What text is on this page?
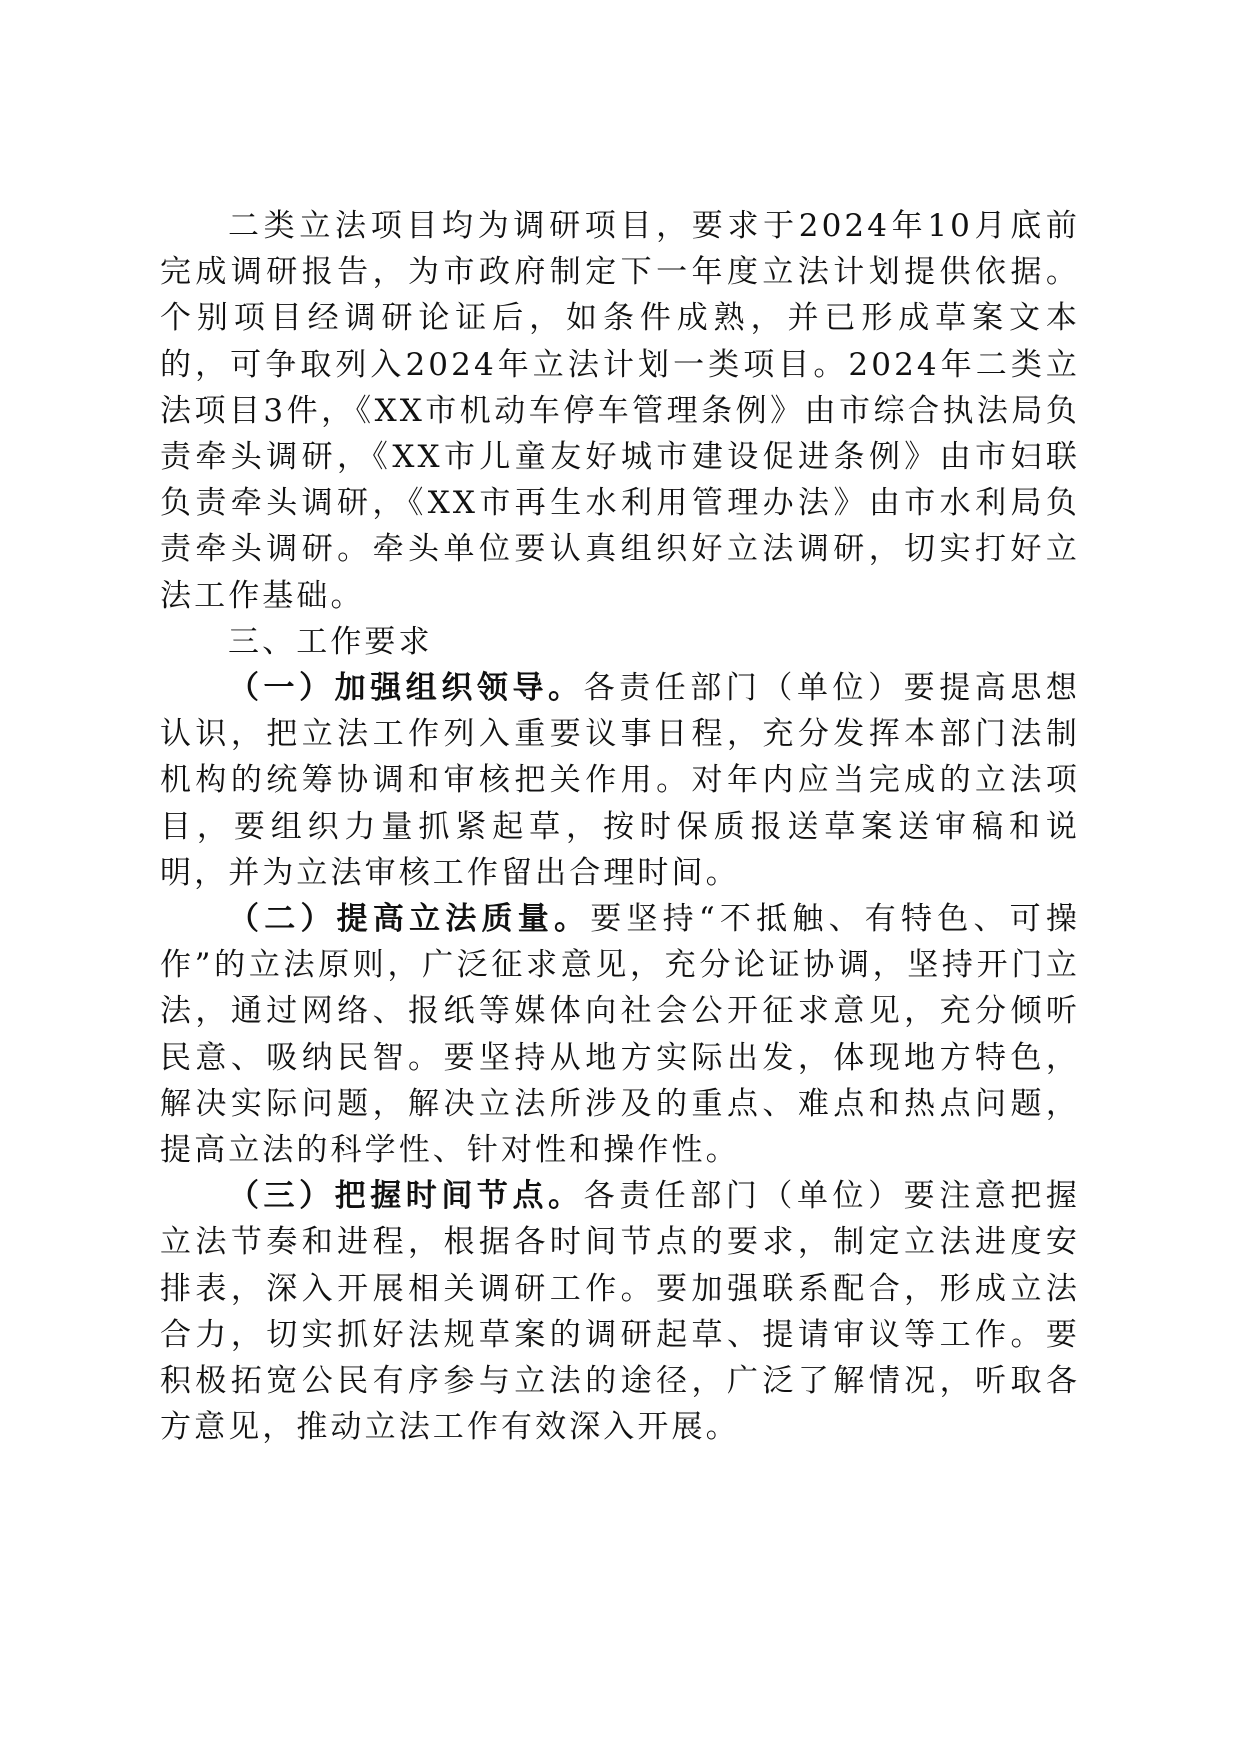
二类立法项目均为调研项目，要求于2024年10月底前完成调研报告，为市政府制定下一年度立法计划提供依据。个别项目经调研论证后，如条件成熟，并已形成草案文本的，可争取列入2024年立法计划一类项目。2024年二类立法项目3件，《XX市机动车停车管理条例》由市综合执法局负责牵头调研，《XX市儿童友好城市建设促进条例》由市妇联负责牵头调研，《XX市再生水利用管理办法》由市水利局负责牵头调研。牵头单位要认真组织好立法调研，切实打好立法工作基础。

三、工作要求

（一）加强组织领导。各责任部门（单位）要提高思想认识，把立法工作列入重要议事日程，充分发挥本部门法制机构的统筹协调和审核把关作用。对年内应当完成的立法项目，要组织力量抓紧起草，按时保质报送草案送审稿和说明，并为立法审核工作留出合理时间。

（二）提高立法质量。要坚持“不抵触、有特色、可操作”的立法原则，广泛征求意见，充分论证协调，坚持开门立法，通过网络、报纸等媒体向社会公开征求意见，充分倾听民意、吸纳民智。要坚持从地方实际出发，体现地方特色，解决实际问题，解决立法所涉及的重点、难点和热点问题，提高立法的科学性、针对性和操作性。

（三）把握时间节点。各责任部门（单位）要注意把握立法节奏和进程，根据各时间节点的要求，制定立法进度安排表，深入开展相关调研工作。要加强联系配合，形成立法合力，切实抓好法规草案的调研起草、提请审议等工作。要积极拓宽公民有序参与立法的途径，广泛了解情况，听取各方意见，推动立法工作有效深入开展。
